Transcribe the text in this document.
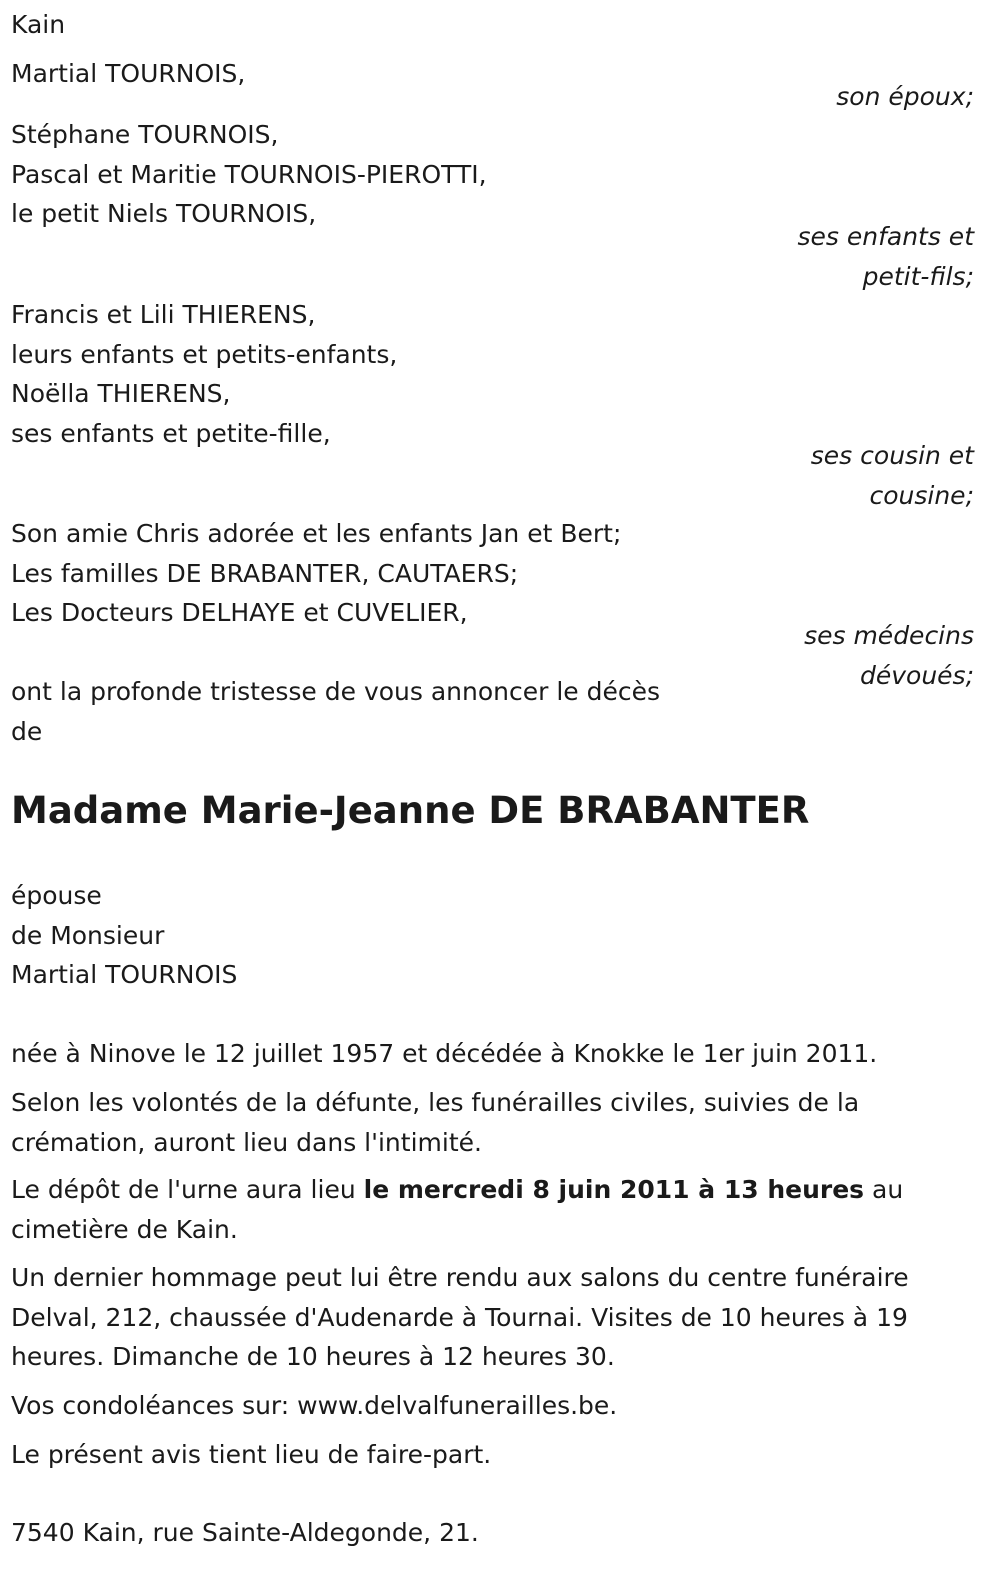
Kain
Martial TOURNOIS,
son époux;
Stéphane TOURNOIS,
Pascal et Maritie TOURNOIS-PIEROTTI,
le petit Niels TOURNOIS,
ses enfants et
petit-fils;
Francis et Lili THIERENS,
leurs enfants et petits-enfants,
Noëlla THIERENS,
ses enfants et petite-fille,
ses cousin et
cousine;
Son amie Chris adorée et les enfants Jan et Bert;
Les familles DE BRABANTER, CAUTAERS;
Les Docteurs DELHAYE et CUVELIER,
ses médecins
dévoués;
ont la profonde tristesse de vous annoncer le décès
de
Madame Marie-Jeanne DE BRABANTER
épouse
de Monsieur
Martial TOURNOIS
née à Ninove le 12 juillet 1957 et décédée à Knokke le 1er juin 2011.
Selon les volontés de la défunte, les funérailles civiles, suivies de la crémation, auront lieu dans l'intimité.
Le dépôt de l'urne aura lieu le mercredi 8 juin 2011 à 13 heures au cimetière de Kain.
Un dernier hommage peut lui être rendu aux salons du centre funéraire Delval, 212, chaussée d'Audenarde à Tournai. Visites de 10 heures à 19 heures. Dimanche de 10 heures à 12 heures 30.
Vos condoléances sur: www.delvalfunerailles.be.
Le présent avis tient lieu de faire-part.
7540 Kain, rue Sainte-Aldegonde, 21.
